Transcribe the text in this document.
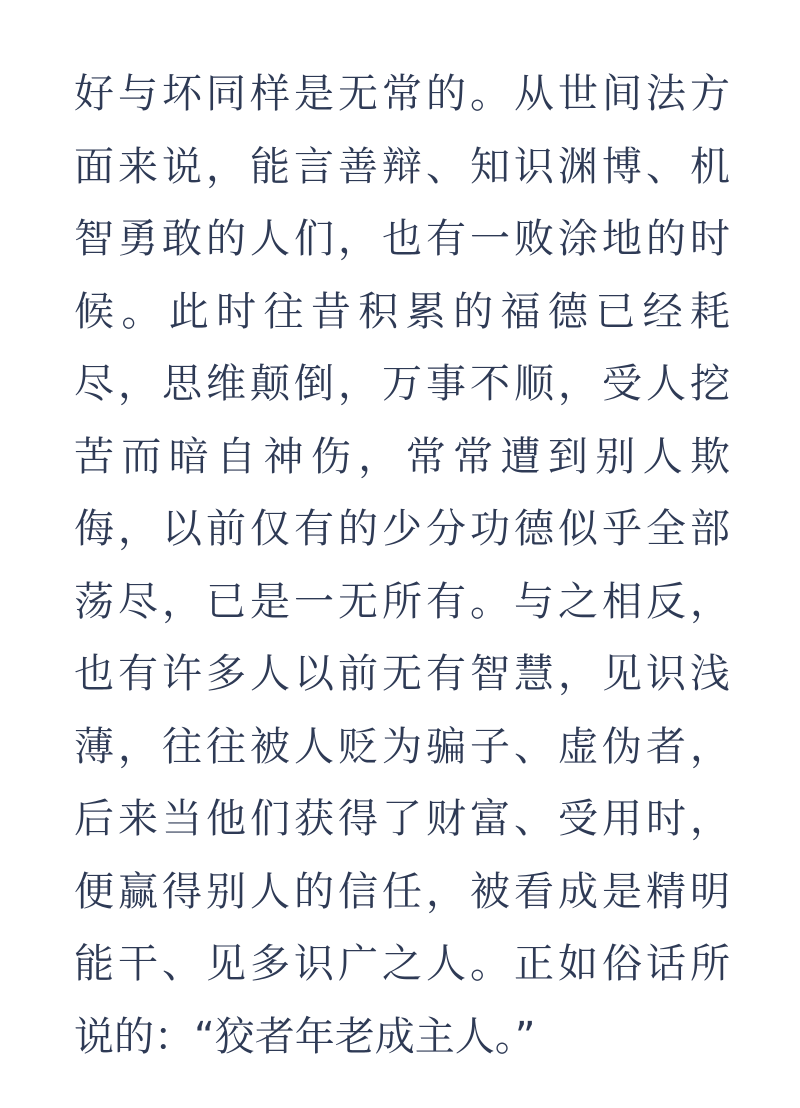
好与坏同样是无常的。从世间法方
面来说，能言善辩、知识渊博、机
智勇敢的人们，也有一败涂地的时
候。此时往昔积累的福德已经耗
尽，思维颠倒，万事不顺，受人挖
苦而暗自神伤，常常遭到别人欺
侮，以前仅有的少分功德似乎全部
荡尽，已是一无所有。与之相反，
也有许多人以前无有智慧，见识浅
薄，往往被人贬为骗子、虚伪者，
后来当他们获得了财富、受用时，
便赢得别人的信任，被看成是精明
能干、见多识广之人。正如俗话所
说的：“狡者年老成主人。”
